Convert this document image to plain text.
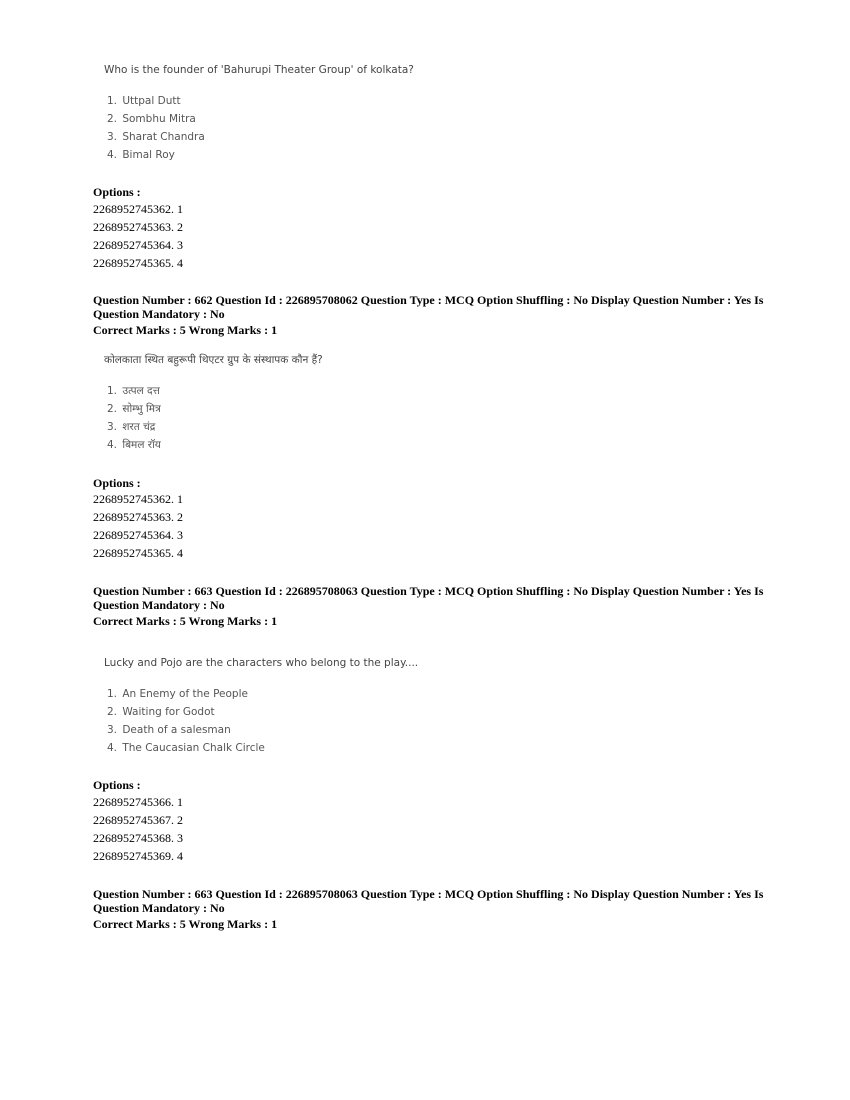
Who is the founder of 'Bahurupi Theater Group' of kolkata?
1. Uttpal Dutt
2. Sombhu Mitra
3. Sharat Chandra
4. Bimal Roy
Options :
2268952745362. 1
2268952745363. 2
2268952745364. 3
2268952745365. 4
Question Number : 662 Question Id : 226895708062 Question Type : MCQ Option Shuffling : No Display Question Number : Yes Is Question Mandatory : No
Correct Marks : 5 Wrong Marks : 1
कोलकाता स्थित बहुरूपी थिएटर ग्रुप के संस्थापक कौन हैं?
1. उत्पल दत्त
2. सोम्भु मित्र
3. शरत चंद्र
4. बिमल रॉय
Options :
2268952745362. 1
2268952745363. 2
2268952745364. 3
2268952745365. 4
Question Number : 663 Question Id : 226895708063 Question Type : MCQ Option Shuffling : No Display Question Number : Yes Is Question Mandatory : No
Correct Marks : 5 Wrong Marks : 1
Lucky and Pojo are the characters who belong to the play....
1. An Enemy of the People
2. Waiting for Godot
3. Death of a salesman
4. The Caucasian Chalk Circle
Options :
2268952745366. 1
2268952745367. 2
2268952745368. 3
2268952745369. 4
Question Number : 663 Question Id : 226895708063 Question Type : MCQ Option Shuffling : No Display Question Number : Yes Is Question Mandatory : No
Correct Marks : 5 Wrong Marks : 1
